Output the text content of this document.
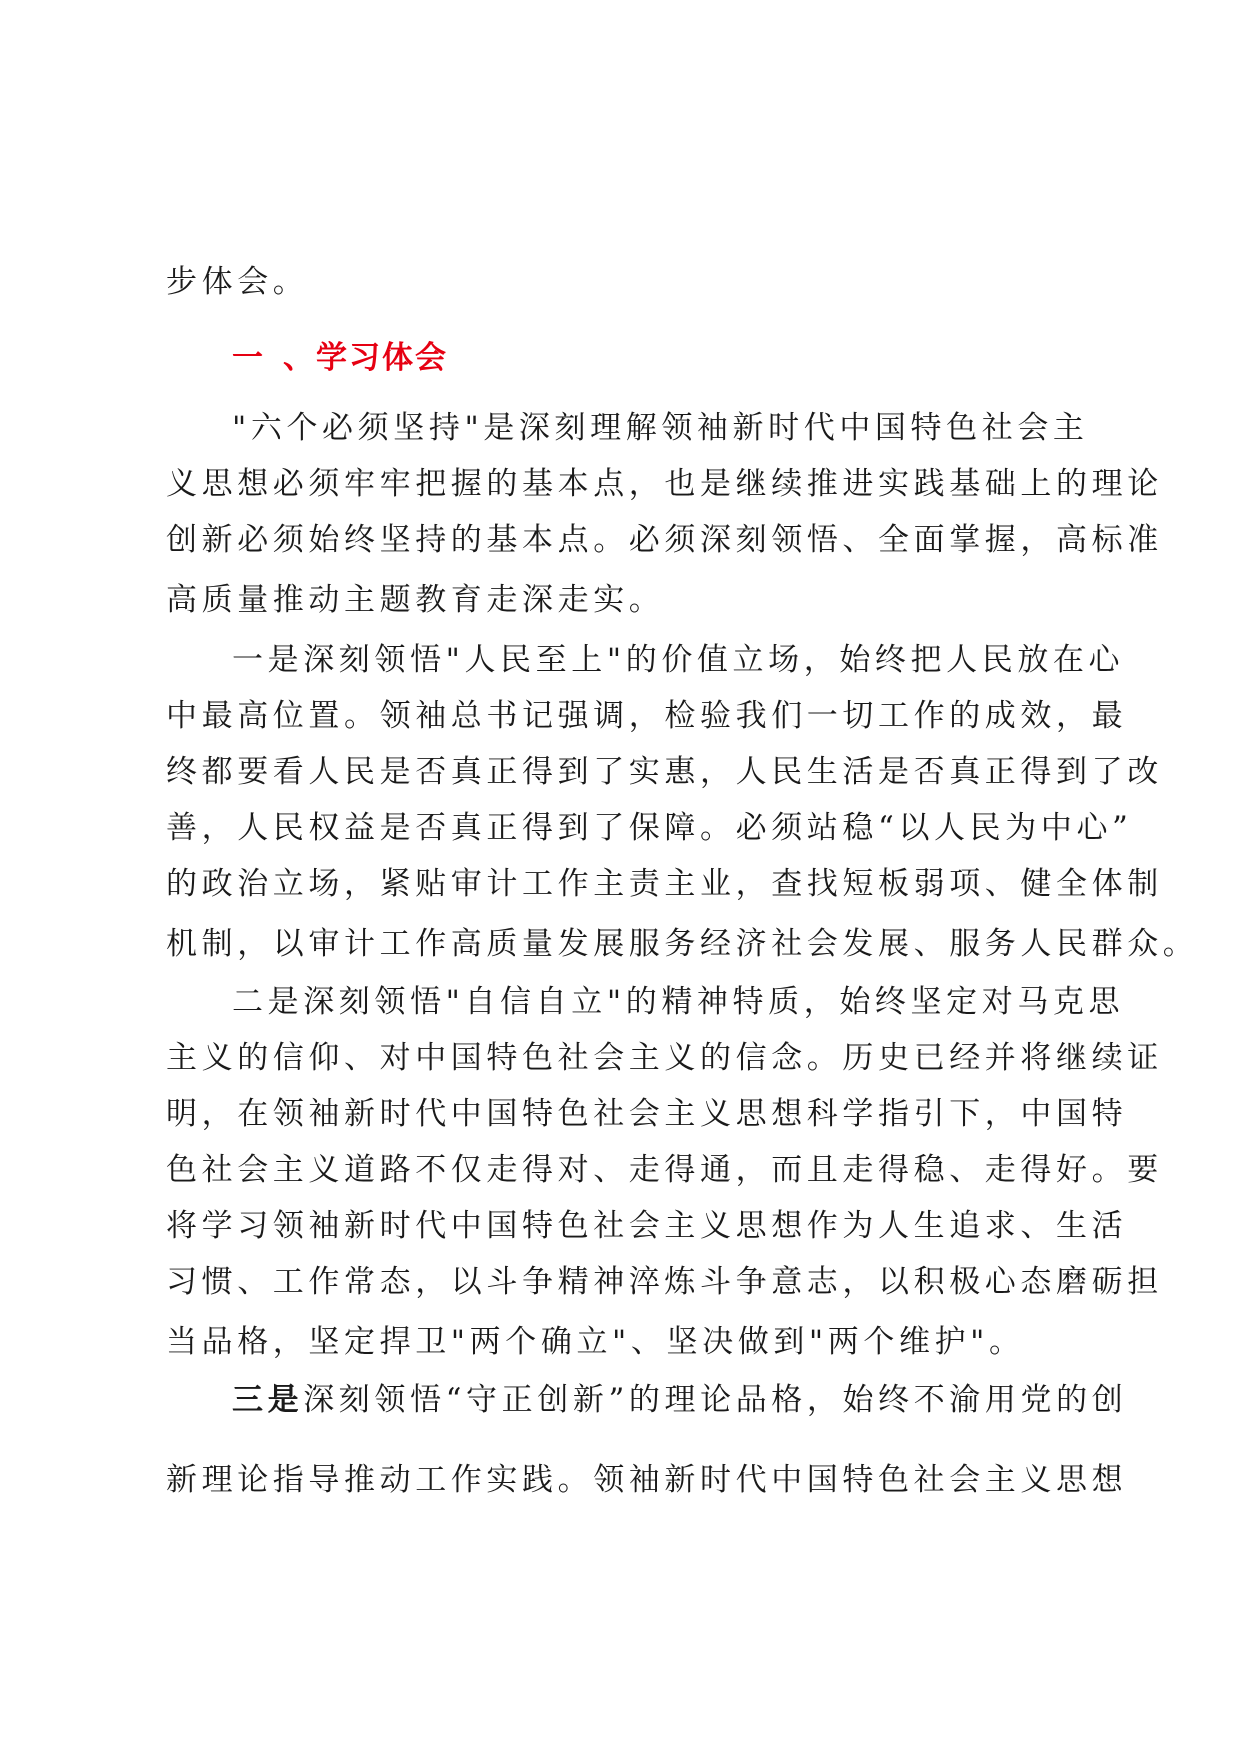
步体会。
一 、学习体会
"六个必须坚持"是深刻理解领袖新时代中国特色社会主
义思想必须牢牢把握的基本点，也是继续推进实践基础上的理论
创新必须始终坚持的基本点。必须深刻领悟、全面掌握，高标准
高质量推动主题教育走深走实。
一是深刻领悟"人民至上"的价值立场，始终把人民放在心
中最高位置。领袖总书记强调，检验我们一切工作的成效，最
终都要看人民是否真正得到了实惠，人民生活是否真正得到了改
善，人民权益是否真正得到了保障。必须站稳“以人民为中心”
的政治立场，紧贴审计工作主责主业，查找短板弱项、健全体制
机制，以审计工作高质量发展服务经济社会发展、服务人民群众。
二是深刻领悟"自信自立"的精神特质，始终坚定对马克思
主义的信仰、对中国特色社会主义的信念。历史已经并将继续证
明，在领袖新时代中国特色社会主义思想科学指引下，中国特
色社会主义道路不仅走得对、走得通，而且走得稳、走得好。要
将学习领袖新时代中国特色社会主义思想作为人生追求、生活
习惯、工作常态，以斗争精神淬炼斗争意志，以积极心态磨砺担
当品格，坚定捍卫"两个确立"、坚决做到"两个维护"。
三是深刻领悟“守正创新”的理论品格，始终不渝用党的创
新理论指导推动工作实践。领袖新时代中国特色社会主义思想
